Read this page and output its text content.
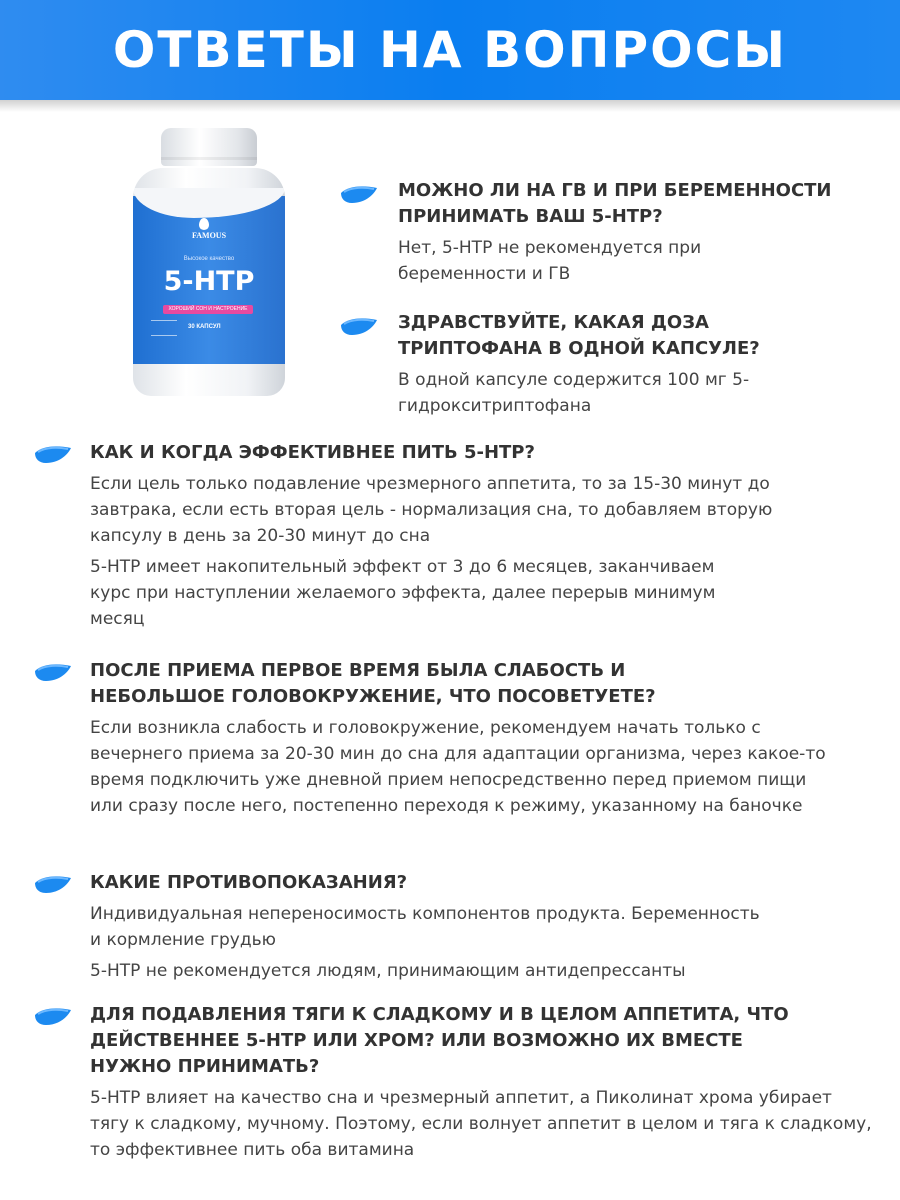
ОТВЕТЫ НА ВОПРОСЫ
FAMOUS
Высокое качество
5-HTP
ХОРОШИЙ СОН И НАСТРОЕНИЕ
30 КАПСУЛ

МОЖНО ЛИ НА ГВ И ПРИ БЕРЕМЕННОСТИ ПРИНИМАТЬ ВАШ 5-HTP?

Нет, 5-HTP не рекомендуется при беременности и ГВ

ЗДРАВСТВУЙТЕ, КАКАЯ ДОЗА ТРИПТОФАНА В ОДНОЙ КАПСУЛЕ?

В одной капсуле содержится 100 мг 5-гидрокситриптофана

КАК И КОГДА ЭФФЕКТИВНЕЕ ПИТЬ 5-HTP?

Если цель только подавление чрезмерного аппетита, то за 15-30 минут до завтрака, если есть вторая цель - нормализация сна, то добавляем вторую капсулу в день за 20-30 минут до сна

5-HTP имеет накопительный эффект от 3 до 6 месяцев, заканчиваем курс при наступлении желаемого эффекта, далее перерыв минимум месяц

ПОСЛЕ ПРИЕМА ПЕРВОЕ ВРЕМЯ БЫЛА СЛАБОСТЬ И НЕБОЛЬШОЕ ГОЛОВОКРУЖЕНИЕ, ЧТО ПОСОВЕТУЕТЕ?

Если возникла слабость и головокружение, рекомендуем начать только с вечернего приема за 20-30 мин до сна для адаптации организма, через какое-то время подключить уже дневной прием непосредственно перед приемом пищи или сразу после него, постепенно переходя к режиму, указанному на баночке

КАКИЕ ПРОТИВОПОКАЗАНИЯ?

Индивидуальная непереносимость компонентов продукта. Беременность и кормление грудью

5-HTP не рекомендуется людям, принимающим антидепрессанты

ДЛЯ ПОДАВЛЕНИЯ ТЯГИ К СЛАДКОМУ И В ЦЕЛОМ АППЕТИТА, ЧТО ДЕЙСТВЕННЕЕ 5-HTP ИЛИ ХРОМ? ИЛИ ВОЗМОЖНО ИХ ВМЕСТЕ НУЖНО ПРИНИМАТЬ?

5-HTP влияет на качество сна и чрезмерный аппетит, а Пиколинат хрома убирает тягу к сладкому, мучному. Поэтому, если волнует аппетит в целом и тяга к сладкому, то эффективнее пить оба витамина
